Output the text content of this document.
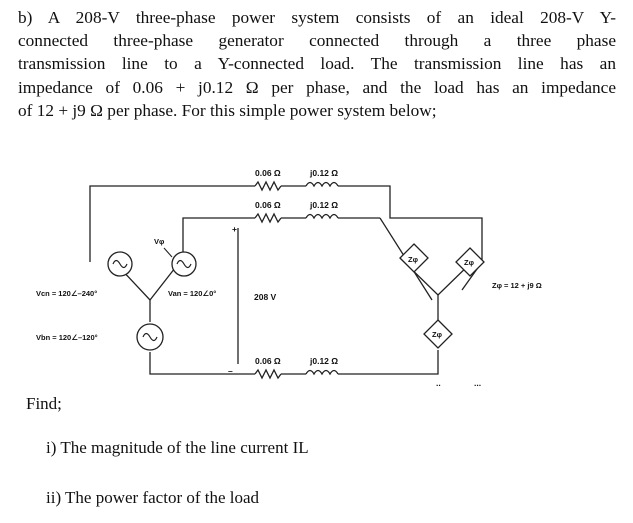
b) A 208-V three-phase power system consists of an ideal 208-V Y-
connected three-phase generator connected through a three phase
transmission line to a Y-connected load. The transmission line has an
impedance of 0.06 + j0.12 Ω per phase, and the load has an impedance
of 12 + j9 Ω per phase. For this simple power system below;
0.06 Ω	j0.12 Ω
0.06 Ω	j0.12 Ω
0.06 Ω	j0.12 Ω
Vcn = 120∠–240°	Van = 120∠0°
Vbn = 120∠–120°
208 V
Vφ
+
–
Zφ	Zφ
Zφ
Zφ = 12 + j9 Ω
..	...
Find;
i) The magnitude of the line current IL
ii) The power factor of the load
